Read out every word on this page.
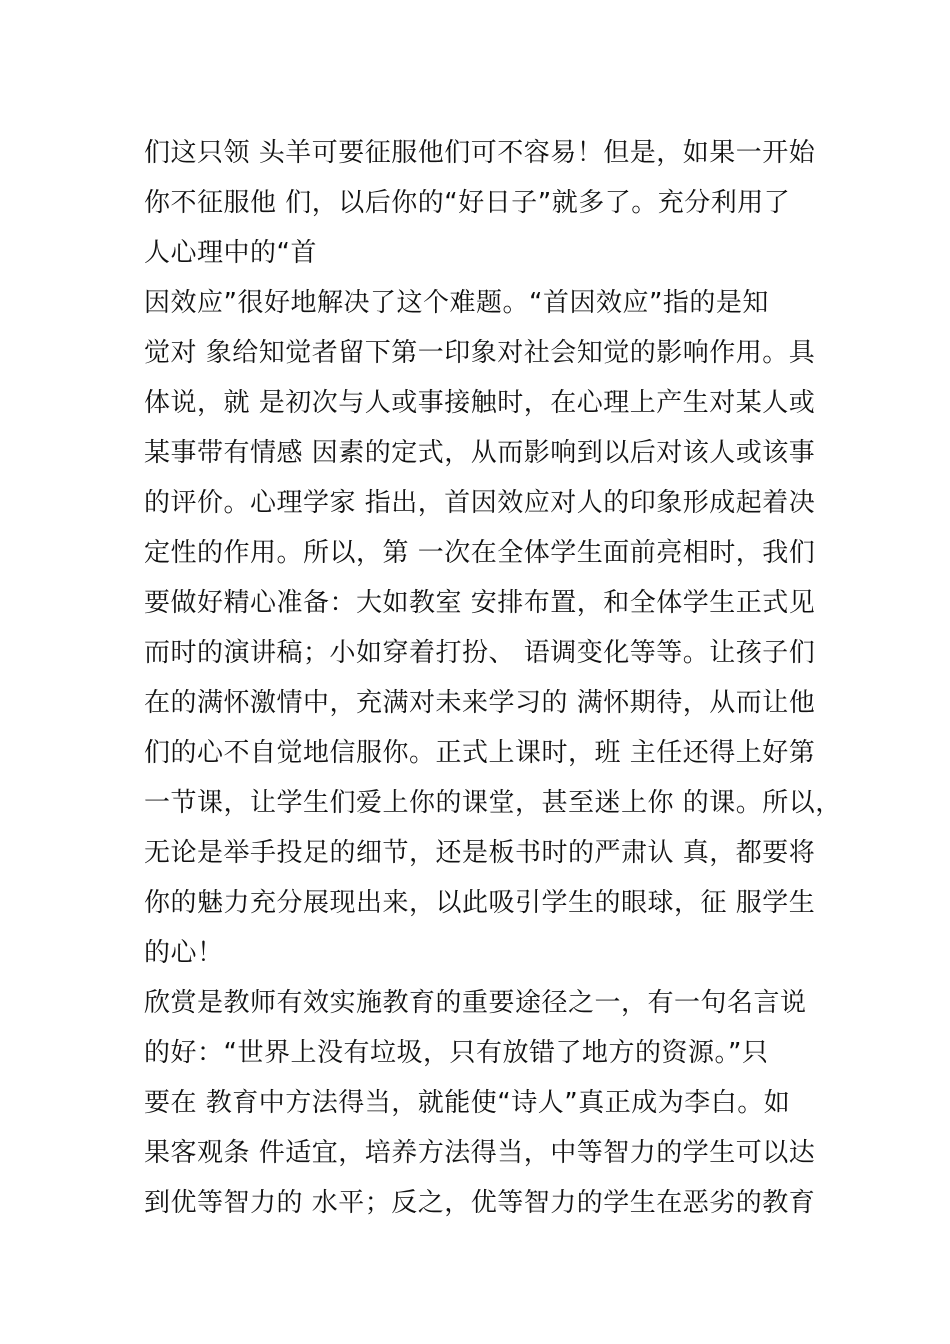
们这只领 头羊可要征服他们可不容易！但是，如果一开始
你不征服他 们，以后你的“好日子”就多了。充分利用了
人心理中的“首
因效应”很好地解决了这个难题。“首因效应”指的是知
觉对 象给知觉者留下第一印象对社会知觉的影响作用。具
体说，就 是初次与人或事接触时，在心理上产生对某人或
某事带有情感 因素的定式，从而影响到以后对该人或该事
的评价。心理学家 指出，首因效应对人的印象形成起着决
定性的作用。所以，第 一次在全体学生面前亮相时，我们
要做好精心准备：大如教室 安排布置，和全体学生正式见
而时的演讲稿；小如穿着打扮、 语调变化等等。让孩子们
在的满怀激情中，充满对未来学习的 满怀期待，从而让他
们的心不自觉地信服你。正式上课时，班 主任还得上好第
一节课，让学生们爱上你的课堂，甚至迷上你 的课。所以，
无论是举手投足的细节，还是板书时的严肃认 真，都要将
你的魅力充分展现出来，以此吸引学生的眼球，征 服学生
的心！
欣赏是教师有效实施教育的重要途径之一，有一句名言说
的好：“世界上没有垃圾，只有放错了地方的资源。”只
要在 教育中方法得当，就能使“诗人”真正成为李白。如
果客观条 件适宜，培养方法得当，中等智力的学生可以达
到优等智力的 水平；反之，优等智力的学生在恶劣的教育
